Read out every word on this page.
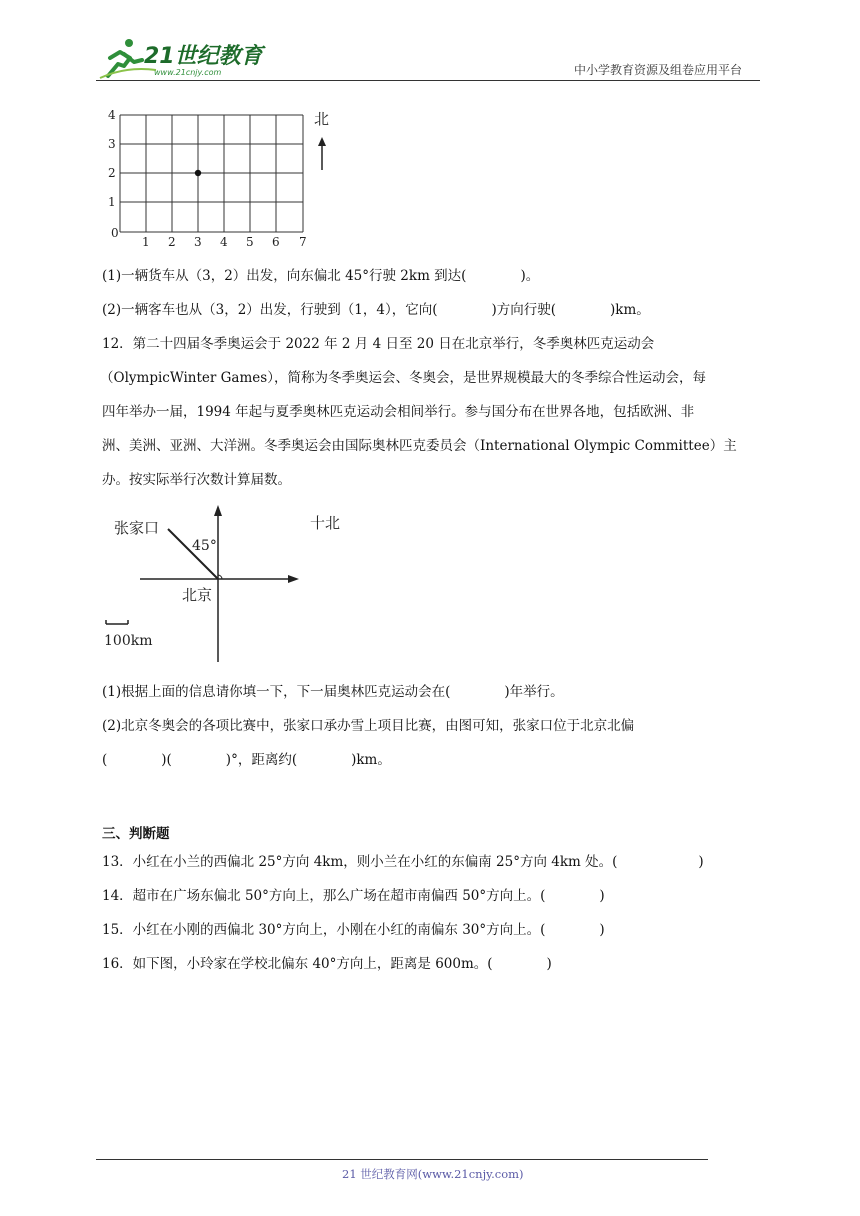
21世纪教育
www.21cnjy.com	中小学教育资源及组卷应用平台
4
3
2
1
0
1 2 3 4 5 6 7
北
(1)一辆货车从（3，2）出发，向东偏北 45°行驶 2km 到达(　　　　)。
(2)一辆客车也从（3，2）出发，行驶到（1，4），它向(　　　　)方向行驶(　　　　)km。
12．第二十四届冬季奥运会于 2022 年 2 月 4 日至 20 日在北京举行，冬季奥林匹克运动会
（OlympicWinter Games），简称为冬季奥运会、冬奥会，是世界规模最大的冬季综合性运动会，每
四年举办一届，1994 年起与夏季奥林匹克运动会相间举行。参与国分布在世界各地，包括欧洲、非
洲、美洲、亚洲、大洋洲。冬季奥运会由国际奥林匹克委员会（International Olympic Committee）主
办。按实际举行次数计算届数。
张家口
45°
北京
十北
100km
(1)根据上面的信息请你填一下，下一届奥林匹克运动会在(　　　　)年举行。
(2)北京冬奥会的各项比赛中，张家口承办雪上项目比赛，由图可知，张家口位于北京北偏
(　　　　)(　　　　)°，距离约(　　　　)km。
三、判断题
13．小红在小兰的西偏北 25°方向 4km，则小兰在小红的东偏南 25°方向 4km 处。(　　　　　　)
14．超市在广场东偏北 50°方向上，那么广场在超市南偏西 50°方向上。(　　　　)
15．小红在小刚的西偏北 30°方向上，小刚在小红的南偏东 30°方向上。(　　　　)
16．如下图，小玲家在学校北偏东 40°方向上，距离是 600m。(　　　　)
21 世纪教育网(www.21cnjy.com)
